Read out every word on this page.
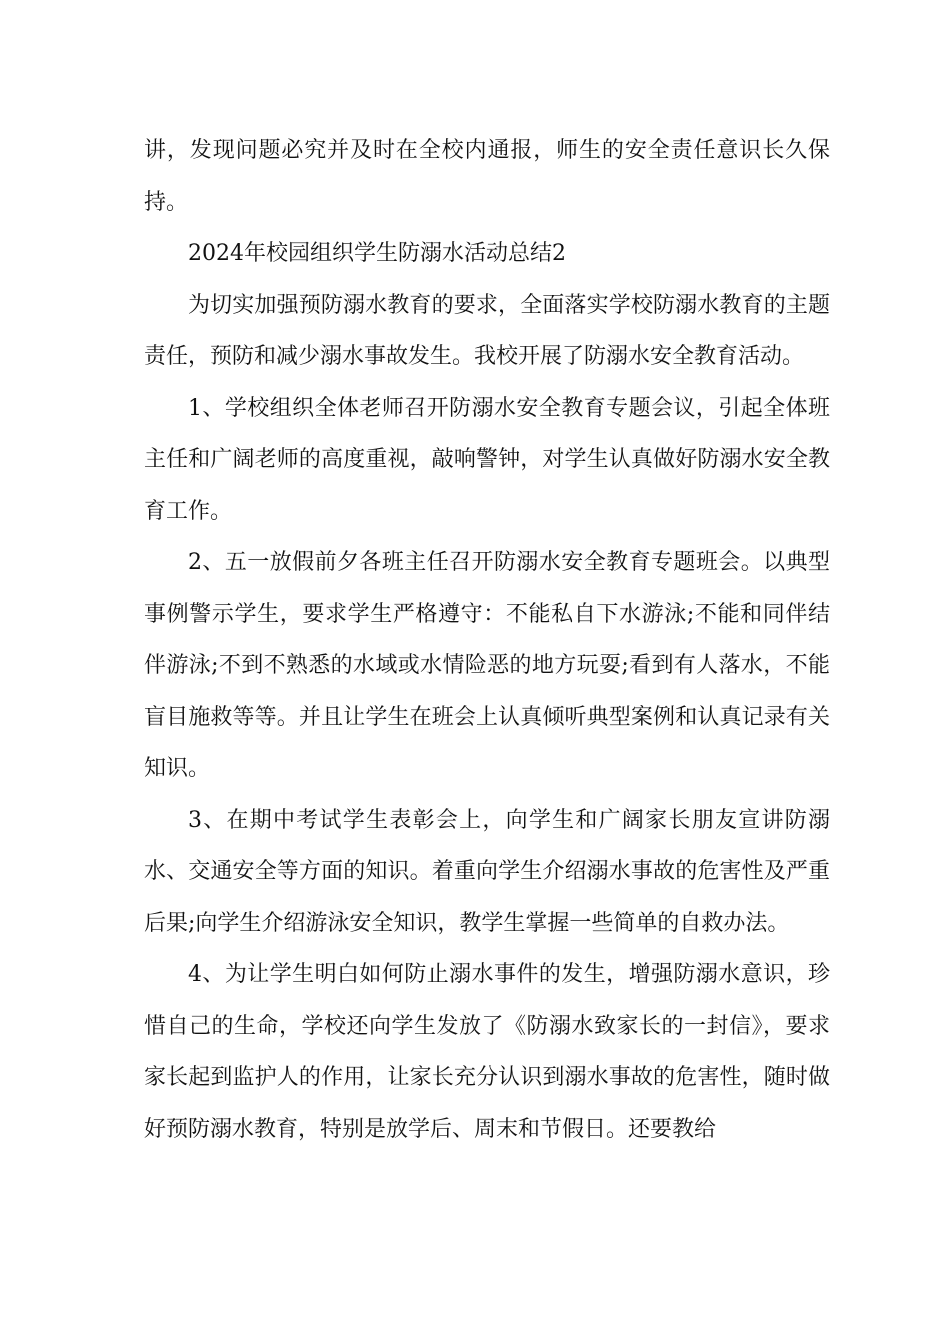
讲，发现问题必究并及时在全校内通报，师生的安全责任意识长久保持。

2024年校园组织学生防溺水活动总结2

为切实加强预防溺水教育的要求，全面落实学校防溺水教育的主题责任，预防和减少溺水事故发生。我校开展了防溺水安全教育活动。

1、学校组织全体老师召开防溺水安全教育专题会议，引起全体班主任和广阔老师的高度重视，敲响警钟，对学生认真做好防溺水安全教育工作。

2、五一放假前夕各班主任召开防溺水安全教育专题班会。以典型事例警示学生，要求学生严格遵守：不能私自下水游泳;不能和同伴结伴游泳;不到不熟悉的水域或水情险恶的地方玩耍;看到有人落水，不能盲目施救等等。并且让学生在班会上认真倾听典型案例和认真记录有关知识。

3、在期中考试学生表彰会上，向学生和广阔家长朋友宣讲防溺水、交通安全等方面的知识。着重向学生介绍溺水事故的危害性及严重后果;向学生介绍游泳安全知识，教学生掌握一些简单的自救办法。

4、为让学生明白如何防止溺水事件的发生，增强防溺水意识，珍惜自己的生命，学校还向学生发放了《防溺水致家长的一封信》，要求家长起到监护人的作用，让家长充分认识到溺水事故的危害性，随时做好预防溺水教育，特别是放学后、周末和节假日。还要教给
